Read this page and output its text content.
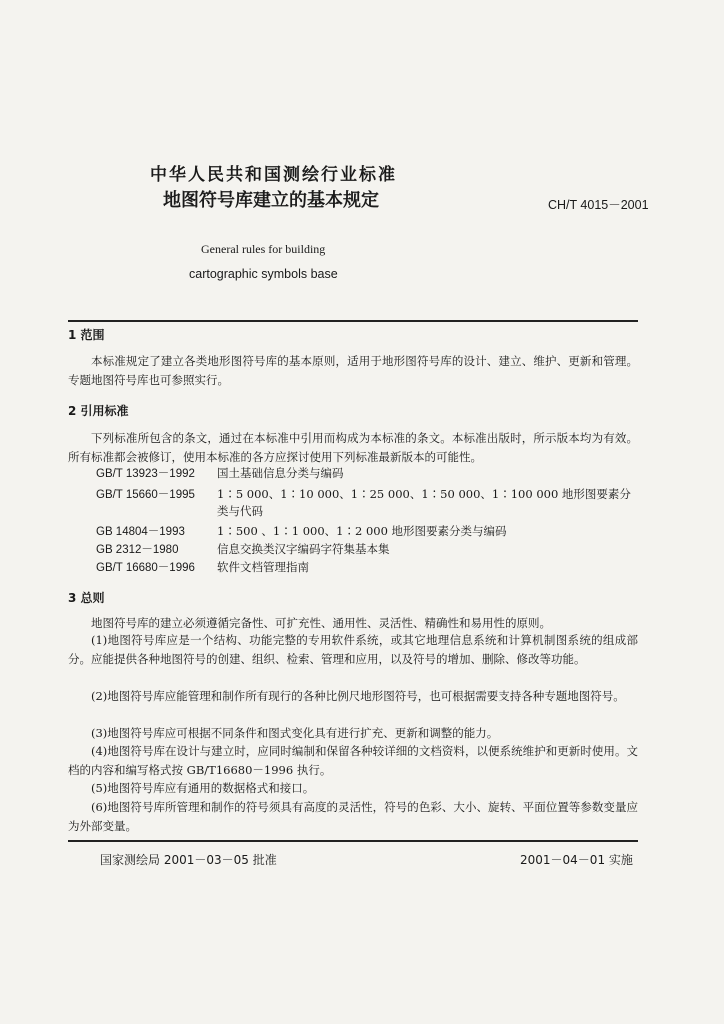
中华人民共和国测绘行业标准
地图符号库建立的基本规定	CH/T 4015－2001
General rules for building
cartographic symbols base
1 范围
本标准规定了建立各类地形图符号库的基本原则，适用于地形图符号库的设计、建立、维护、更新和管理。专题地图符号库也可参照实行。
2 引用标准
下列标准所包含的条文，通过在本标准中引用而构成为本标准的条文。本标准出版时，所示版本均为有效。所有标准都会被修订，使用本标准的各方应探讨使用下列标准最新版本的可能性。
GB/T 13923－1992 国土基础信息分类与编码
GB/T 15660－1995 1∶5 000、1∶10 000、1∶25 000、1∶50 000、1∶100 000 地形图要素分类与代码
GB 14804－1993	1∶500 、1∶1 000、1∶2 000 地形图要素分类与编码
GB 2312－1980	信息交换类汉字编码字符集基本集
GB/T 16680－1996 软件文档管理指南
3 总则
地图符号库的建立必须遵循完备性、可扩充性、通用性、灵活性、精确性和易用性的原则。
(1)地图符号库应是一个结构、功能完整的专用软件系统，或其它地理信息系统和计算机制图系统的组成部分。应能提供各种地图符号的创建、组织、检索、管理和应用，以及符号的增加、删除、修改等功能。
(2)地图符号库应能管理和制作所有现行的各种比例尺地形图符号，也可根据需要支持各种专题地图符号。
(3)地图符号库应可根据不同条件和图式变化具有进行扩充、更新和调整的能力。
(4)地图符号库在设计与建立时，应同时编制和保留各种较详细的文档资料，以便系统维护和更新时使用。文档的内容和编写格式按 GB/T16680－1996 执行。
(5)地图符号库应有通用的数据格式和接口。
(6)地图符号库所管理和制作的符号须具有高度的灵活性，符号的色彩、大小、旋转、平面位置等参数变量应为外部变量。
国家测绘局 2001－03－05 批准	2001－04－01 实施
